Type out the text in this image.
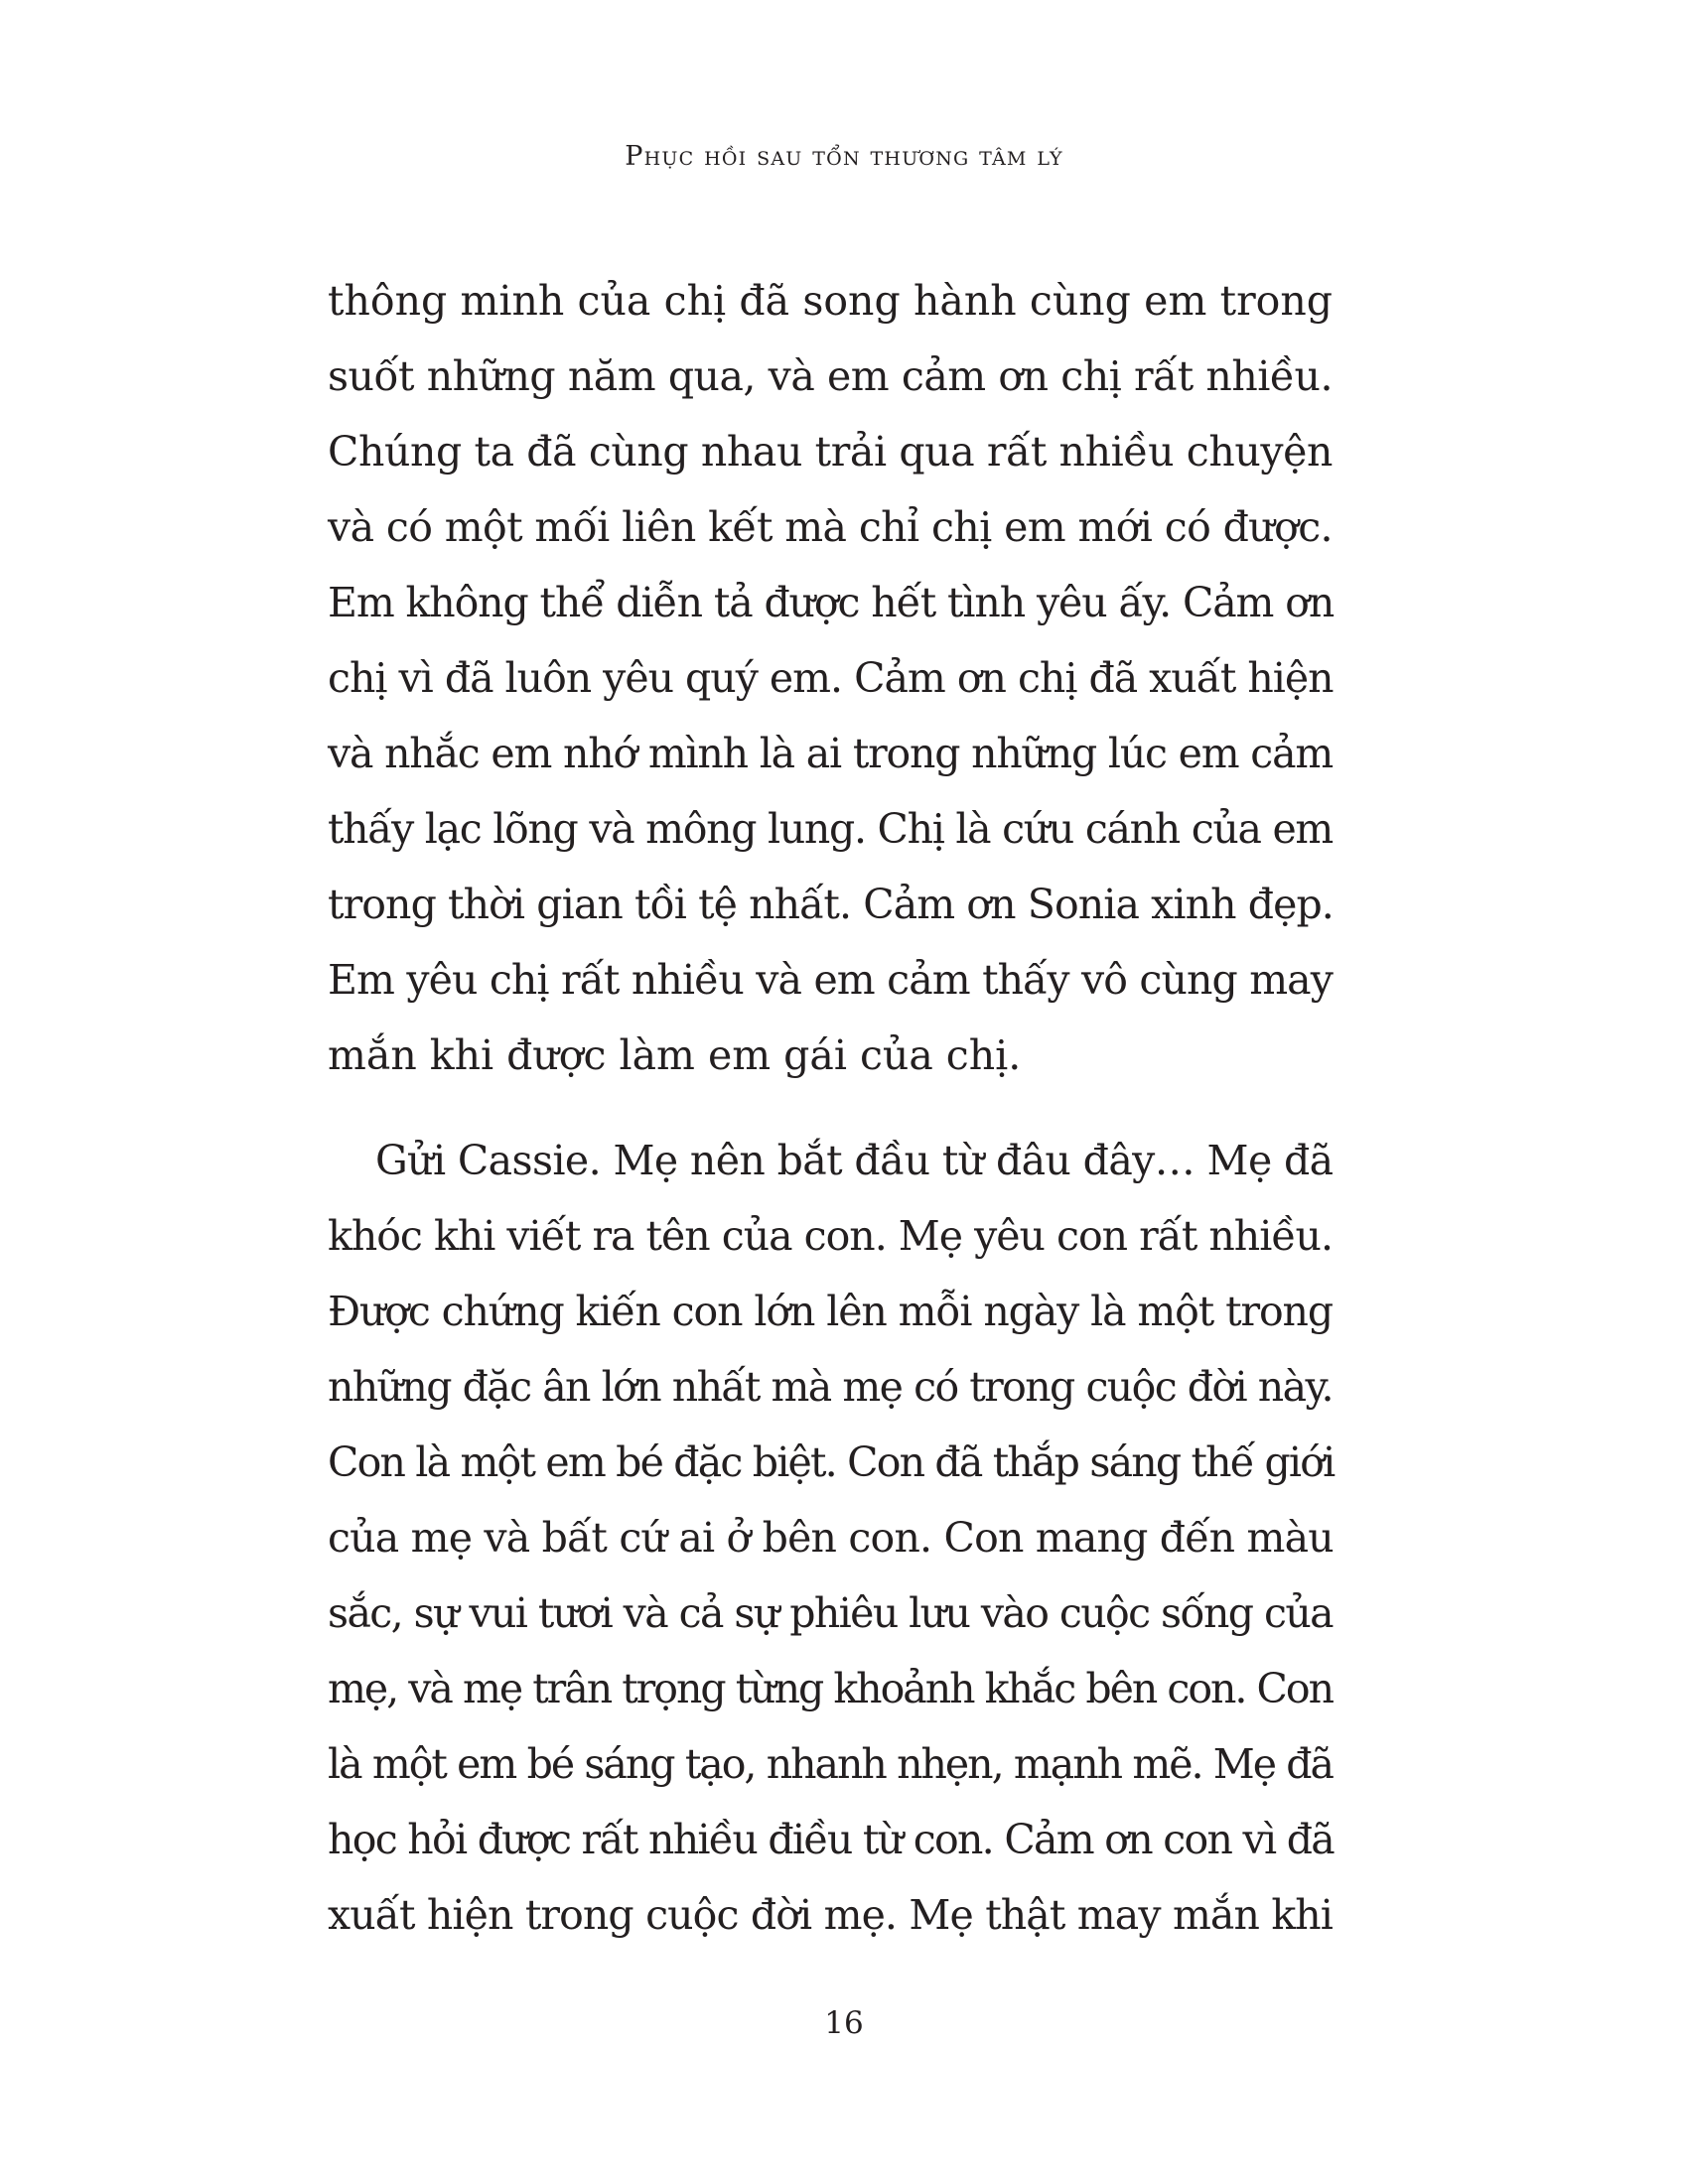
Phục hồi sau tổn thương tâm lý
thông minh của chị đã song hành cùng em trong
suốt những năm qua, và em cảm ơn chị rất nhiều.
Chúng ta đã cùng nhau trải qua rất nhiều chuyện
và có một mối liên kết mà chỉ chị em mới có được.
Em không thể diễn tả được hết tình yêu ấy. Cảm ơn
chị vì đã luôn yêu quý em. Cảm ơn chị đã xuất hiện
và nhắc em nhớ mình là ai trong những lúc em cảm
thấy lạc lõng và mông lung. Chị là cứu cánh của em
trong thời gian tồi tệ nhất. Cảm ơn Sonia xinh đẹp.
Em yêu chị rất nhiều và em cảm thấy vô cùng may
mắn khi được làm em gái của chị.
Gửi Cassie. Mẹ nên bắt đầu từ đâu đây… Mẹ đã
khóc khi viết ra tên của con. Mẹ yêu con rất nhiều.
Được chứng kiến con lớn lên mỗi ngày là một trong
những đặc ân lớn nhất mà mẹ có trong cuộc đời này.
Con là một em bé đặc biệt. Con đã thắp sáng thế giới
của mẹ và bất cứ ai ở bên con. Con mang đến màu
sắc, sự vui tươi và cả sự phiêu lưu vào cuộc sống của
mẹ, và mẹ trân trọng từng khoảnh khắc bên con. Con
là một em bé sáng tạo, nhanh nhẹn, mạnh mẽ. Mẹ đã
học hỏi được rất nhiều điều từ con. Cảm ơn con vì đã
xuất hiện trong cuộc đời mẹ. Mẹ thật may mắn khi
16
